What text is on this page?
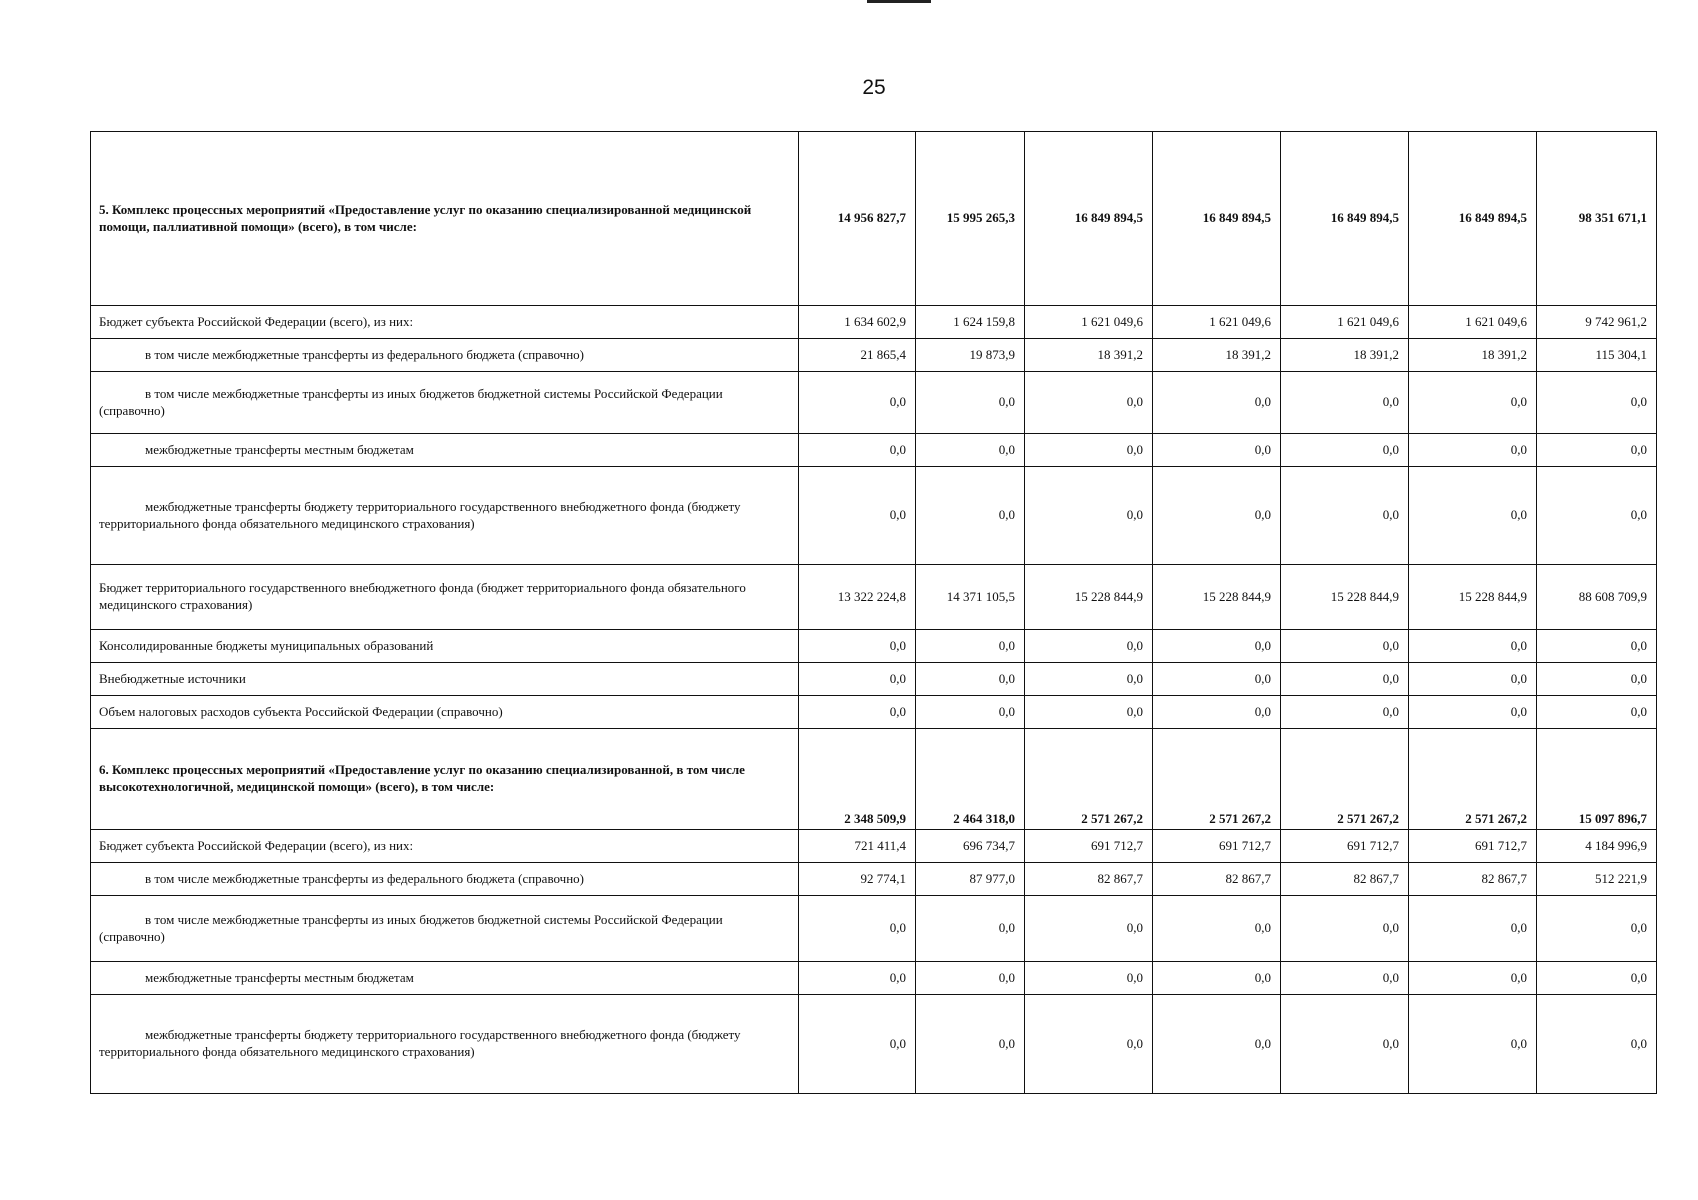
25
5. Комплекс процессных мероприятий «Предоставление услуг по оказанию специализированной медицинской помощи, паллиативной помощи» (всего), в том числе:	14 956 827,7	15 995 265,3	16 849 894,5	16 849 894,5	16 849 894,5	16 849 894,5	98 351 671,1
Бюджет субъекта Российской Федерации (всего), из них:	1 634 602,9	1 624 159,8	1 621 049,6	1 621 049,6	1 621 049,6	1 621 049,6	9 742 961,2
в том числе межбюджетные трансферты из федерального бюджета (справочно)	21 865,4	19 873,9	18 391,2	18 391,2	18 391,2	18 391,2	115 304,1
в том числе межбюджетные трансферты из иных бюджетов бюджетной системы Российской Федерации (справочно)	0,0	0,0	0,0	0,0	0,0	0,0	0,0
межбюджетные трансферты местным бюджетам	0,0	0,0	0,0	0,0	0,0	0,0	0,0
межбюджетные трансферты бюджету территориального государственного внебюджетного фонда (бюджету территориального фонда обязательного медицинского страхования)	0,0	0,0	0,0	0,0	0,0	0,0	0,0
Бюджет территориального государственного внебюджетного фонда (бюджет территориального фонда обязательного медицинского страхования)	13 322 224,8	14 371 105,5	15 228 844,9	15 228 844,9	15 228 844,9	15 228 844,9	88 608 709,9
Консолидированные бюджеты муниципальных образований	0,0	0,0	0,0	0,0	0,0	0,0	0,0
Внебюджетные источники	0,0	0,0	0,0	0,0	0,0	0,0	0,0
Объем налоговых расходов субъекта Российской Федерации (справочно)	0,0	0,0	0,0	0,0	0,0	0,0	0,0
6. Комплекс процессных мероприятий «Предоставление услуг по оказанию специализированной, в том числе высокотехнологичной, медицинской помощи» (всего), в том числе:	2 348 509,9	2 464 318,0	2 571 267,2	2 571 267,2	2 571 267,2	2 571 267,2	15 097 896,7
Бюджет субъекта Российской Федерации (всего), из них:	721 411,4	696 734,7	691 712,7	691 712,7	691 712,7	691 712,7	4 184 996,9
в том числе межбюджетные трансферты из федерального бюджета (справочно)	92 774,1	87 977,0	82 867,7	82 867,7	82 867,7	82 867,7	512 221,9
в том числе межбюджетные трансферты из иных бюджетов бюджетной системы Российской Федерации (справочно)	0,0	0,0	0,0	0,0	0,0	0,0	0,0
межбюджетные трансферты местным бюджетам	0,0	0,0	0,0	0,0	0,0	0,0	0,0
межбюджетные трансферты бюджету территориального государственного внебюджетного фонда (бюджету территориального фонда обязательного медицинского страхования)	0,0	0,0	0,0	0,0	0,0	0,0	0,0
